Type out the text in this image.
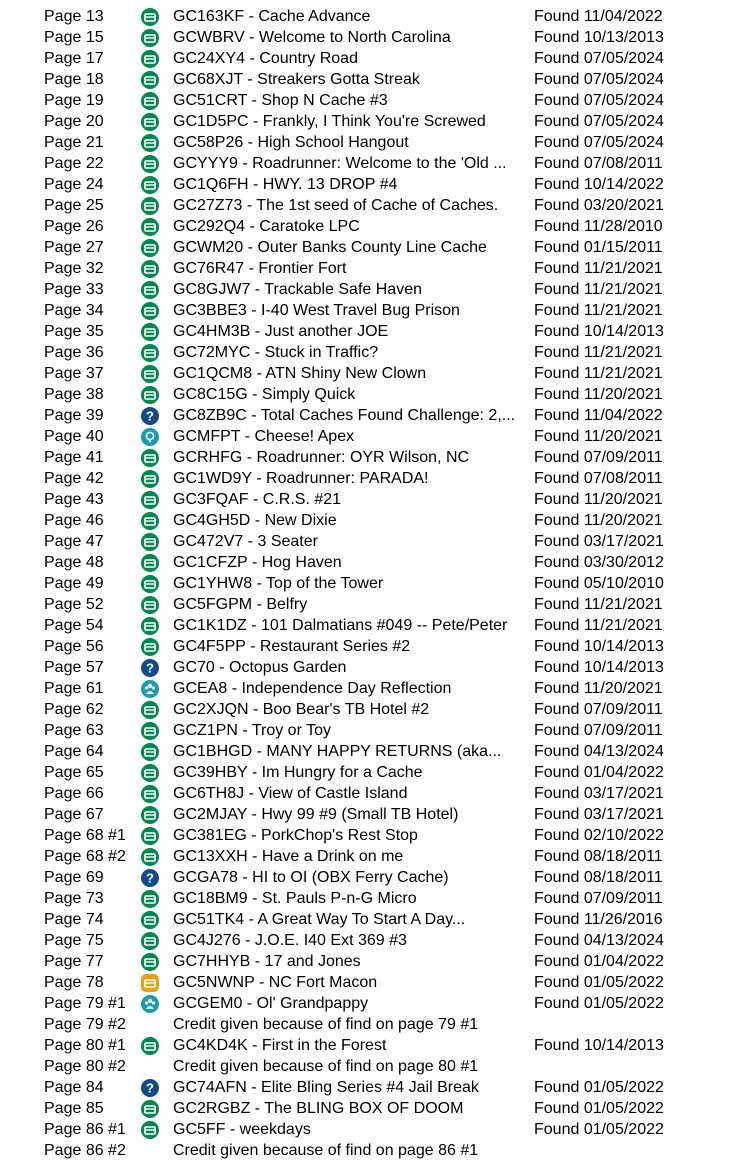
Page 13	GC163KF - Cache Advance	Found 11/04/2022
Page 15	GCWBRV - Welcome to North Carolina	Found 10/13/2013
Page 17	GC24XY4 - Country Road	Found 07/05/2024
Page 18	GC68XJT - Streakers Gotta Streak	Found 07/05/2024
Page 19	GC51CRT - Shop N Cache #3	Found 07/05/2024
Page 20	GC1D5PC - Frankly, I Think You're Screwed	Found 07/05/2024
Page 21	GC58P26 - High School Hangout	Found 07/05/2024
Page 22	GCYYY9 - Roadrunner: Welcome to the 'Old ... Found 07/08/2011
Page 24	GC1Q6FH - HWY. 13 DROP #4	Found 10/14/2022
Page 25	GC27Z73 - The 1st seed of Cache of Caches. Found 03/20/2021
Page 26	GC292Q4 - Caratoke LPC	Found 11/28/2010
Page 27	GCWM20 - Outer Banks County Line Cache	Found 01/15/2011
Page 32	GC76R47 - Frontier Fort	Found 11/21/2021
Page 33	GC8GJW7 - Trackable Safe Haven	Found 11/21/2021
Page 34	GC3BBE3 - I-40 West Travel Bug Prison	Found 11/21/2021
Page 35	GC4HM3B - Just another JOE	Found 10/14/2013
Page 36	GC72MYC - Stuck in Traffic?	Found 11/21/2021
Page 37	GC1QCM8 - ATN Shiny New Clown	Found 11/21/2021
Page 38	GC8C15G - Simply Quick	Found 11/20/2021
Page 39	? GC8ZB9C - Total Caches Found Challenge: 2,... Found 11/04/2022
Page 40	GCMFPT - Cheese! Apex	Found 11/20/2021
Page 41	GCRHFG - Roadrunner: OYR Wilson, NC	Found 07/09/2011
Page 42	GC1WD9Y - Roadrunner: PARADA!	Found 07/08/2011
Page 43	GC3FQAF - C.R.S. #21	Found 11/20/2021
Page 46	GC4GH5D - New Dixie	Found 11/20/2021
Page 47	GC472V7 - 3 Seater	Found 03/17/2021
Page 48	GC1CFZP - Hog Haven	Found 03/30/2012
Page 49	GC1YHW8 - Top of the Tower	Found 05/10/2010
Page 52	GC5FGPM - Belfry	Found 11/21/2021
Page 54	GC1K1DZ - 101 Dalmatians #049 -- Pete/Peter Found 11/21/2021
Page 56	GC4F5PP - Restaurant Series #2	Found 10/14/2013
Page 57	? GC70 - Octopus Garden	Found 10/14/2013
Page 61	GCEA8 - Independence Day Reflection	Found 11/20/2021
Page 62	GC2XJQN - Boo Bear's TB Hotel #2	Found 07/09/2011
Page 63	GCZ1PN - Troy or Toy	Found 07/09/2011
Page 64	GC1BHGD - MANY HAPPY RETURNS (aka... Found 04/13/2024
Page 65	GC39HBY - Im Hungry for a Cache	Found 01/04/2022
Page 66	GC6TH8J - View of Castle Island	Found 03/17/2021
Page 67	GC2MJAY - Hwy 99 #9 (Small TB Hotel)	Found 03/17/2021
Page 68 #1	GC381EG - PorkChop's Rest Stop	Found 02/10/2022
Page 68 #2	GC13XXH - Have a Drink on me	Found 08/18/2011
Page 69	? GCGA78 - HI to OI (OBX Ferry Cache)	Found 08/18/2011
Page 73	GC18BM9 - St. Pauls P-n-G Micro	Found 07/09/2011
Page 74	GC51TK4 - A Great Way To Start A Day...	Found 11/26/2016
Page 75	GC4J276 - J.O.E. I40 Ext 369 #3	Found 04/13/2024
Page 77	GC7HHYB - 17 and Jones	Found 01/04/2022
Page 78	GC5NWNP - NC Fort Macon	Found 01/05/2022
Page 79 #1	GCGEM0 - Ol' Grandpappy	Found 01/05/2022
Page 79 #2	Credit given because of find on page 79 #1
Page 80 #1	GC4KD4K - First in the Forest	Found 10/14/2013
Page 80 #2	Credit given because of find on page 80 #1
Page 84	? GC74AFN - Elite Bling Series #4 Jail Break	Found 01/05/2022
Page 85	GC2RGBZ - The BLING BOX OF DOOM	Found 01/05/2022
Page 86 #1	GC5FF - weekdays	Found 01/05/2022
Page 86 #2	Credit given because of find on page 86 #1
